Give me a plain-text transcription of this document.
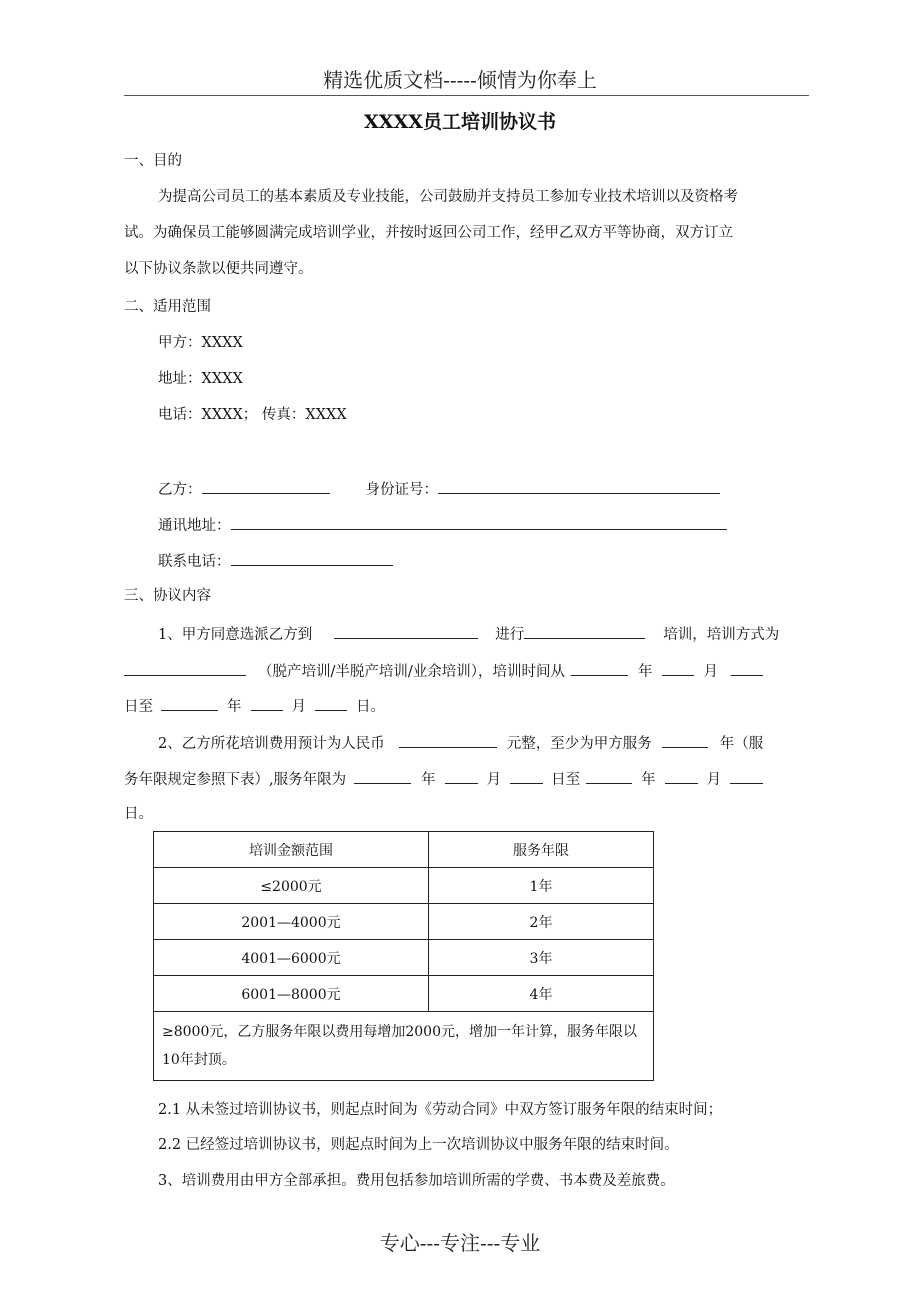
精选优质文档-----倾情为你奉上
XXXX员工培训协议书
一、目的
为提高公司员工的基本素质及专业技能，公司鼓励并支持员工参加专业技术培训以及资格考
试。为确保员工能够圆满完成培训学业，并按时返回公司工作，经甲乙双方平等协商，双方订立
以下协议条款以便共同遵守。
二、适用范围
甲方：XXXX
地址：XXXX
电话：XXXX； 传真：XXXX
乙方：	身份证号：
通讯地址：
联系电话：
三、协议内容
1、甲方同意选派乙方到	进行	培训，培训方式为
（脱产培训/半脱产培训/业余培训），培训时间从	年	月
日至	年	月	日。
2、乙方所花培训费用预计为人民币	元整，至少为甲方服务	年（服
务年限规定参照下表）,服务年限为	年	月	日至	年	月
日。
培训金额范围	服务年限
≤2000元	1年
2001—4000元	2年
4001—6000元	3年
6001—8000元	4年
≥8000元，乙方服务年限以费用每增加2000元，增加一年计算，服务年限以10年封顶。	
2.1 从未签过培训协议书，则起点时间为《劳动合同》中双方签订服务年限的结束时间；
2.2 已经签过培训协议书，则起点时间为上一次培训协议中服务年限的结束时间。
3、培训费用由甲方全部承担。费用包括参加培训所需的学费、书本费及差旅费。
专心---专注---专业
